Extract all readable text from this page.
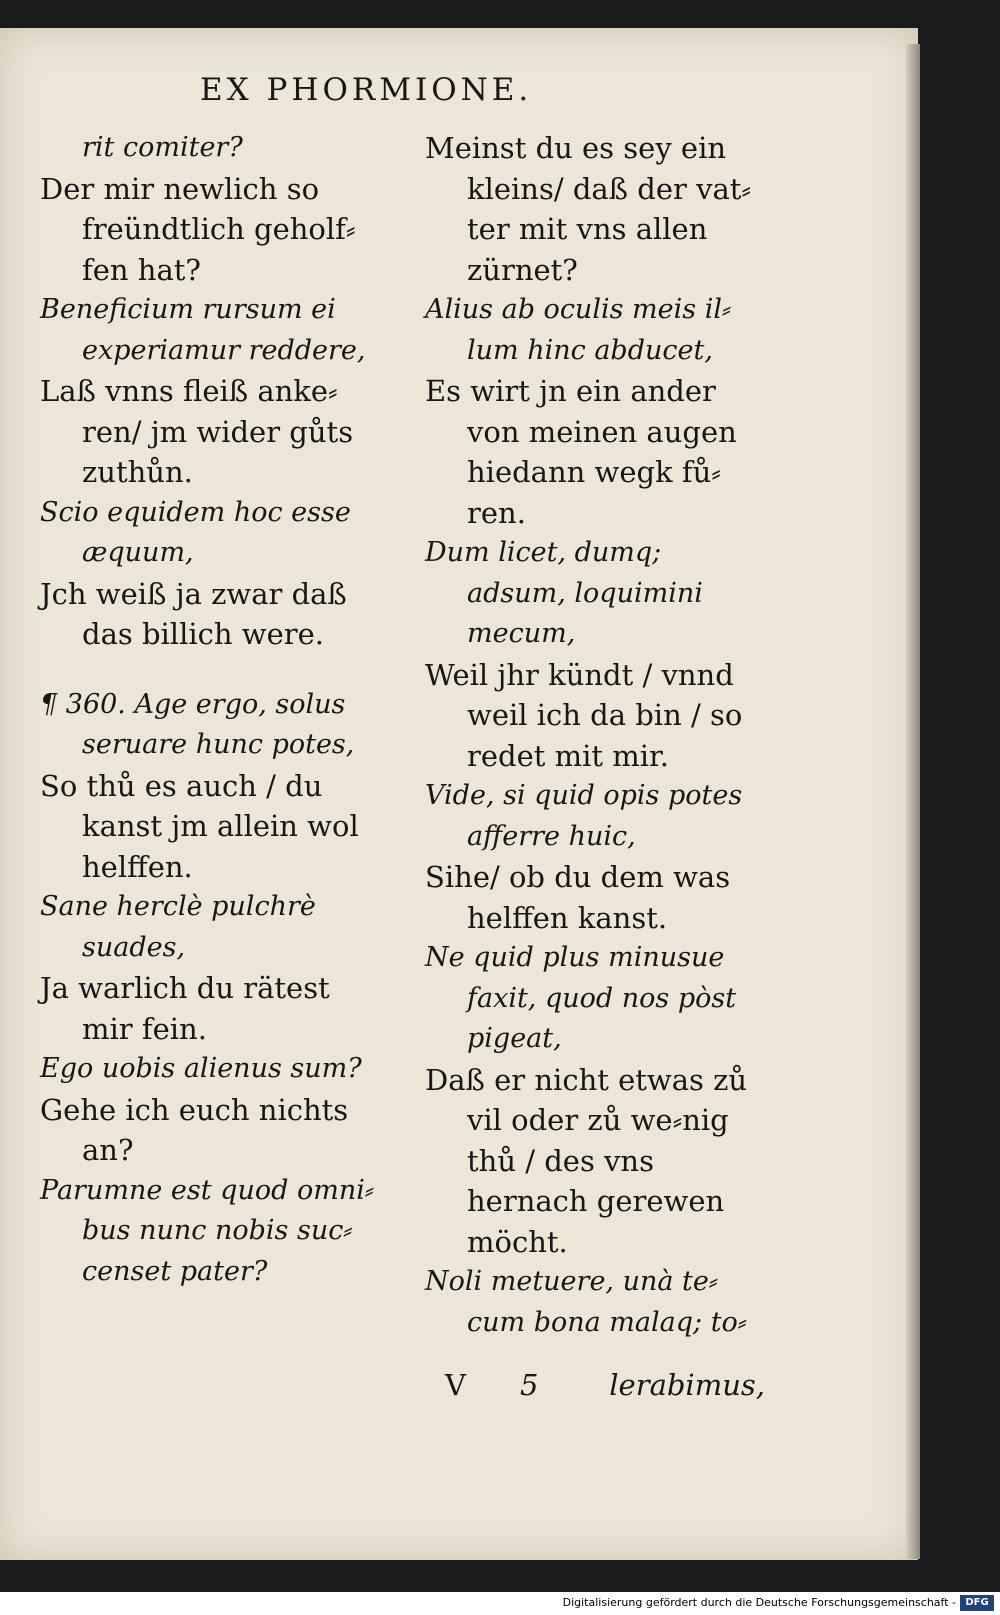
EX PHORMIONE.
rit comiter?
Der mir newlich so freündtlich geholf⸗fen hat?
Beneficium rursum ei experiamur reddere,
Laß vnns fleiß anke⸗ren/ jm wider gůts zuthůn.
Scio equidem hoc esse æquum,
Jch weiß ja zwar daß das billich were.
¶ 360. Age ergo, solus seruare hunc potes,
So thů es auch / du kanst jm allein wol helffen.
Sane herclè pulchrè suades,
Ja warlich du rätest mir fein.
Ego uobis alienus sum?
Gehe ich euch nichts an?
Parumne est quod omni⸗bus nunc nobis suc⸗censet pater?
Meinst du es sey ein kleins/ daß der vat⸗ter mit vns allen zürnet?
Alius ab oculis meis il⸗lum hinc abducet,
Es wirt jn ein ander von meinen augen hiedann wegk fů⸗ren.
Dum licet, dumq; adsum, loquimini mecum,
Weil jhr kündt / vnnd weil ich da bin / so redet mit mir.
Vide, si quid opis potes afferre huic,
Sihe/ ob du dem was helffen kanst.
Ne quid plus minusue faxit, quod nos pòst pigeat,
Daß er nicht etwas zů vil oder zů we⸗nig thů / des vns hernach gerewen möcht.
Noli metuere, unà te⸗cum bona malaq; to⸗
V 5 lerabimus,
Digitalisierung gefördert durch die Deutsche Forschungsgemeinschaft - DFG
